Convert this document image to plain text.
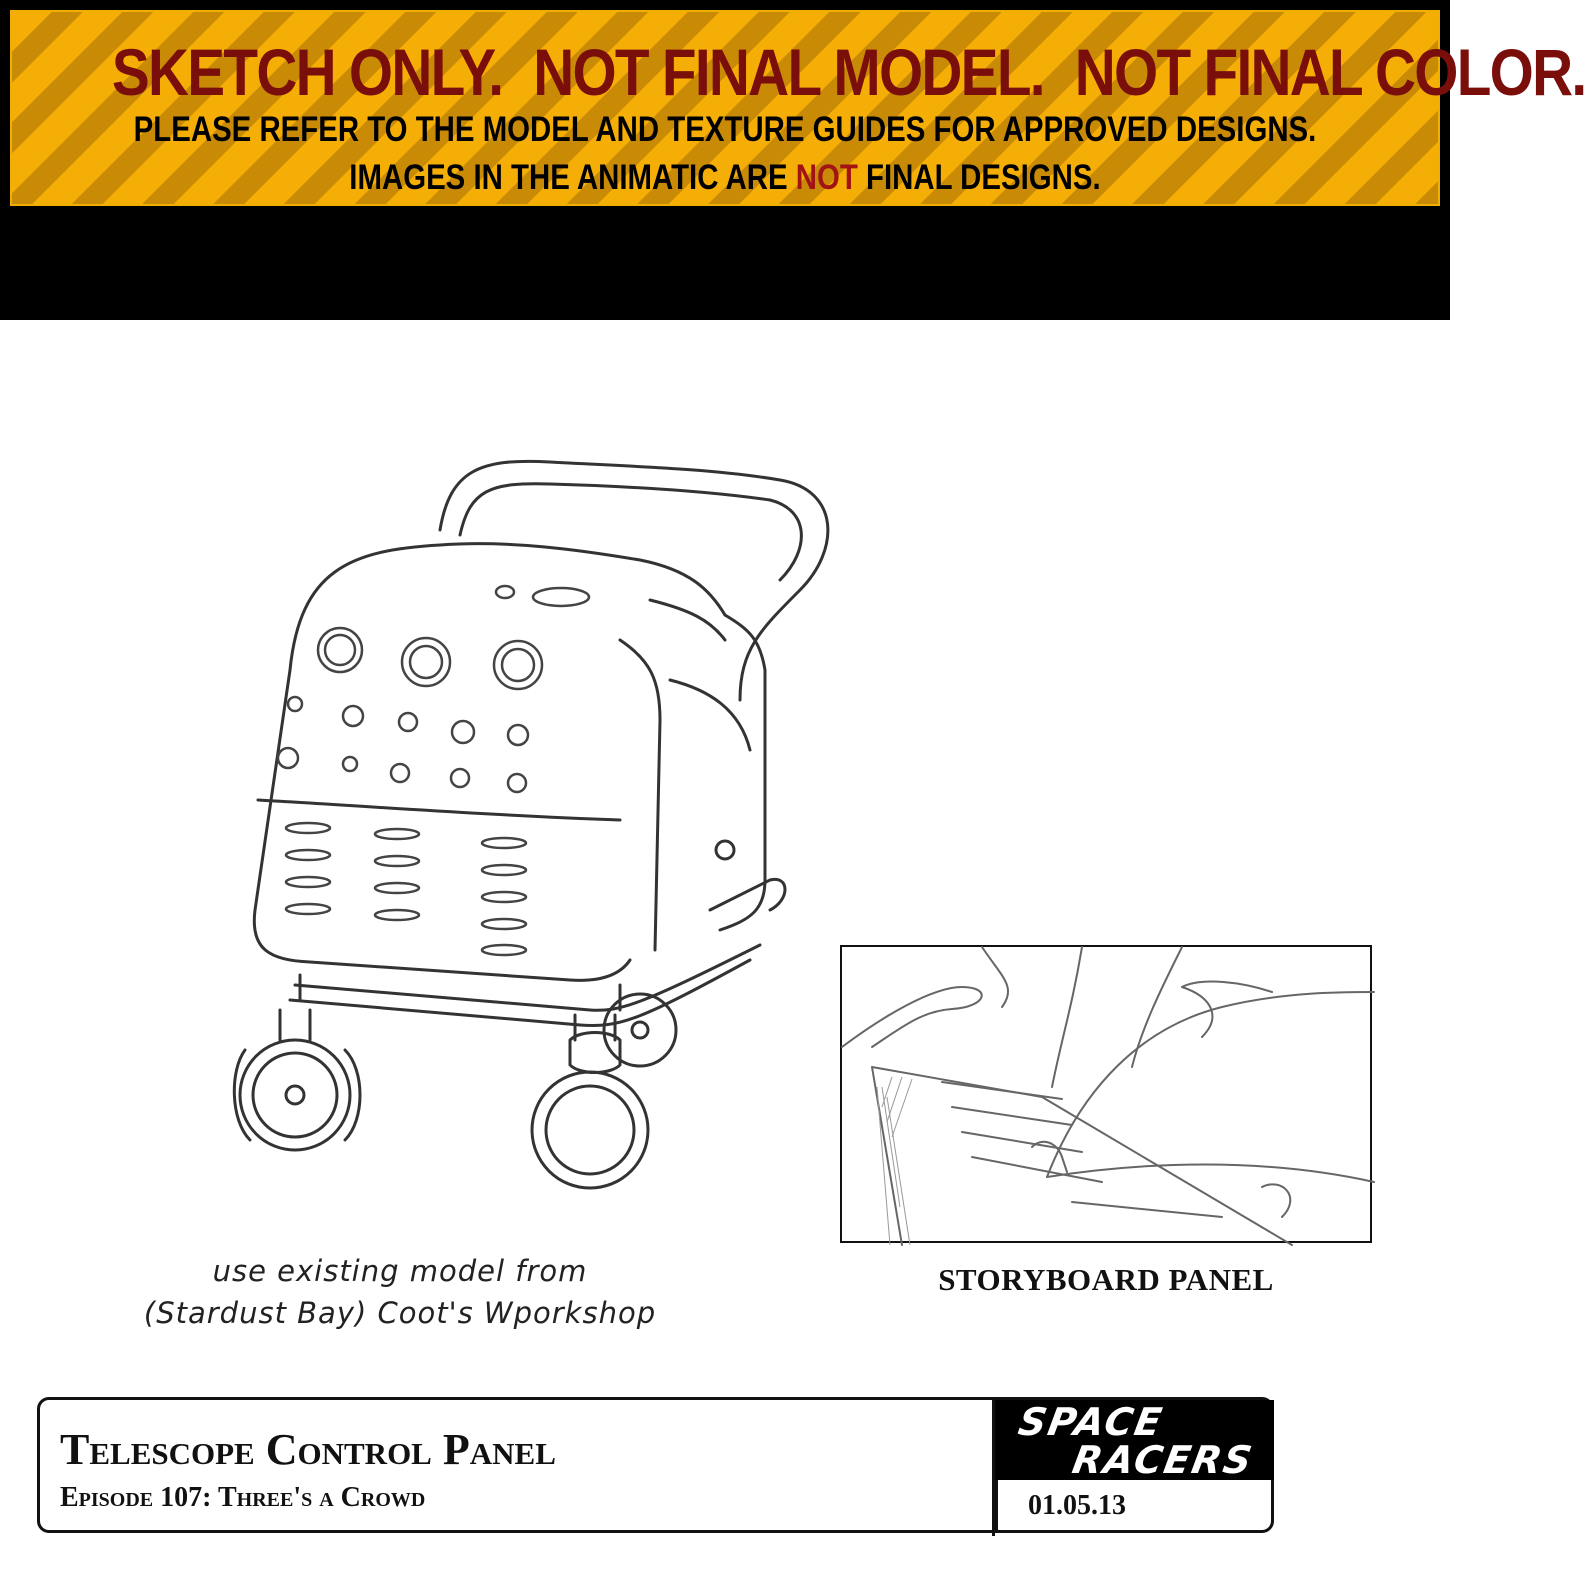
SKETCH ONLY. NOT FINAL MODEL. NOT FINAL COLOR.
PLEASE REFER TO THE MODEL AND TEXTURE GUIDES FOR APPROVED DESIGNS.
IMAGES IN THE ANIMATIC ARE NOT FINAL DESIGNS.
use existing model from
(Stardust Bay) Coot's Wporkshop
STORYBOARD PANEL
Telescope Control Panel
Episode 107: Three's a Crowd
SPACE
RACERS
01.05.13
